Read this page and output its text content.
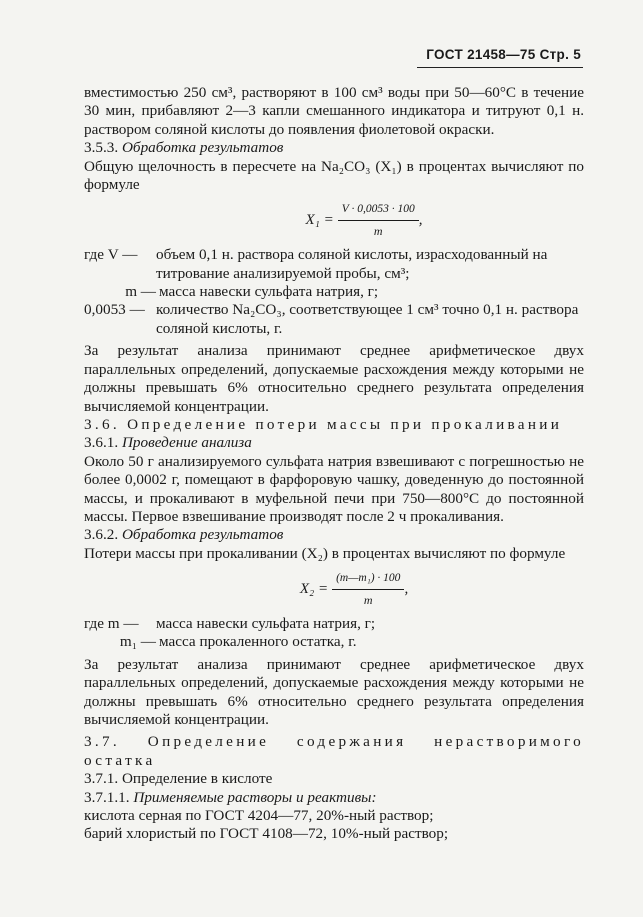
ГОСТ 21458—75 Стр. 5

вместимостью 250 см³, растворяют в 100 см³ воды при 50—60°С в течение 30 мин, прибавляют 2—3 капли смешанного индикатора и титруют 0,1 н. раствором соляной кислоты до появления фиолетовой окраски.

3.5.3. Обработка результатов

Общую щелочность в пересчете на Na₂CO₃ (X₁) в процентах вычисляют по формуле

$X_1 = \frac{V \cdot 0,0053 \cdot 100}{m}$ ,
где V —	объем 0,1 н. раствора соляной кислоты, израсходованный на титрование анализируемой пробы, см³;
m — масса навески сульфата натрия, г;
0,0053 — количество Na₂CO₃, соответствующее 1 см³ точно 0,1 н. раствора соляной кислоты, г.

За результат анализа принимают среднее арифметическое двух параллельных определений, допускаемые расхождения между которыми не должны превышать 6% относительно среднего результата определения вычисляемой концентрации.

3.6. Определение потери массы при прокаливании

3.6.1. Проведение анализа

Около 50 г анализируемого сульфата натрия взвешивают с погрешностью не более 0,0002 г, помещают в фарфоровую чашку, доведенную до постоянной массы, и прокаливают в муфельной печи при 750—800°С до постоянной массы. Первое взвешивание производят после 2 ч прокаливания.

3.6.2. Обработка результатов

Потери массы при прокаливании (X₂) в процентах вычисляют по формуле

$X_2 = \frac{\text{(m—m₁) · 100}}{m}$ ,
где m —	масса навески сульфата натрия, г;
m₁ — масса прокаленного остатка, г.

За результат анализа принимают среднее арифметическое двух параллельных определений, допускаемые расхождения между которыми не должны превышать 6% относительно среднего результата определения вычисляемой концентрации.

3.7. Определение содержания нерастворимого остатка

3.7.1. Определение в кислоте

3.7.1.1. Применяемые растворы и реактивы:

кислота серная по ГОСТ 4204—77, 20%-ный раствор;

барий хлористый по ГОСТ 4108—72, 10%-ный раствор;
